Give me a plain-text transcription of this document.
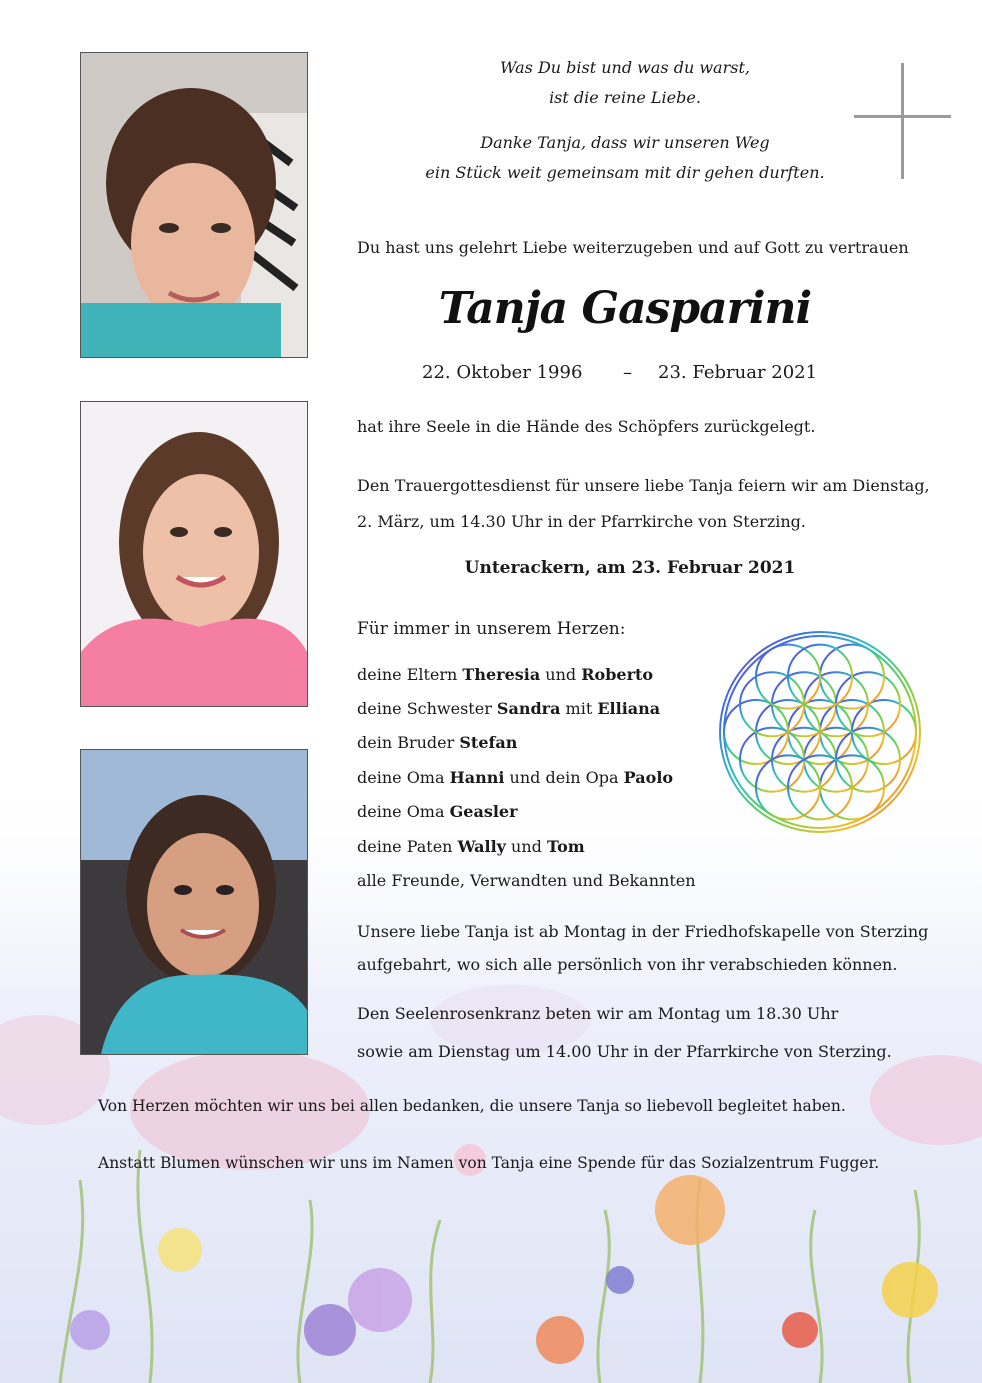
Was Du bist und was du warst,
ist die reine Liebe.
Danke Tanja, dass wir unseren Weg
ein Stück weit gemeinsam mit dir gehen durften.
Du hast uns gelehrt Liebe weiterzugeben und auf Gott zu vertrauen
Tanja Gasparini
22. Oktober 1996 – 23. Februar 2021
hat ihre Seele in die Hände des Schöpfers zurückgelegt.
Den Trauergottesdienst für unsere liebe Tanja feiern wir am Dienstag,
2. März, um 14.30 Uhr in der Pfarrkirche von Sterzing.
Unterackern, am 23. Februar 2021
Für immer in unserem Herzen:
deine Eltern Theresia und Roberto
deine Schwester Sandra mit Elliana
dein Bruder Stefan
deine Oma Hanni und dein Opa Paolo
deine Oma Geasler
deine Paten Wally und Tom
alle Freunde, Verwandten und Bekannten
Unsere liebe Tanja ist ab Montag in der Friedhofskapelle von Sterzing
aufgebahrt, wo sich alle persönlich von ihr verabschieden können.
Den Seelenrosenkranz beten wir am Montag um 18.30 Uhr
sowie am Dienstag um 14.00 Uhr in der Pfarrkirche von Sterzing.
Von Herzen möchten wir uns bei allen bedanken, die unsere Tanja so liebevoll begleitet haben.
Anstatt Blumen wünschen wir uns im Namen von Tanja eine Spende für das Sozialzentrum Fugger.
